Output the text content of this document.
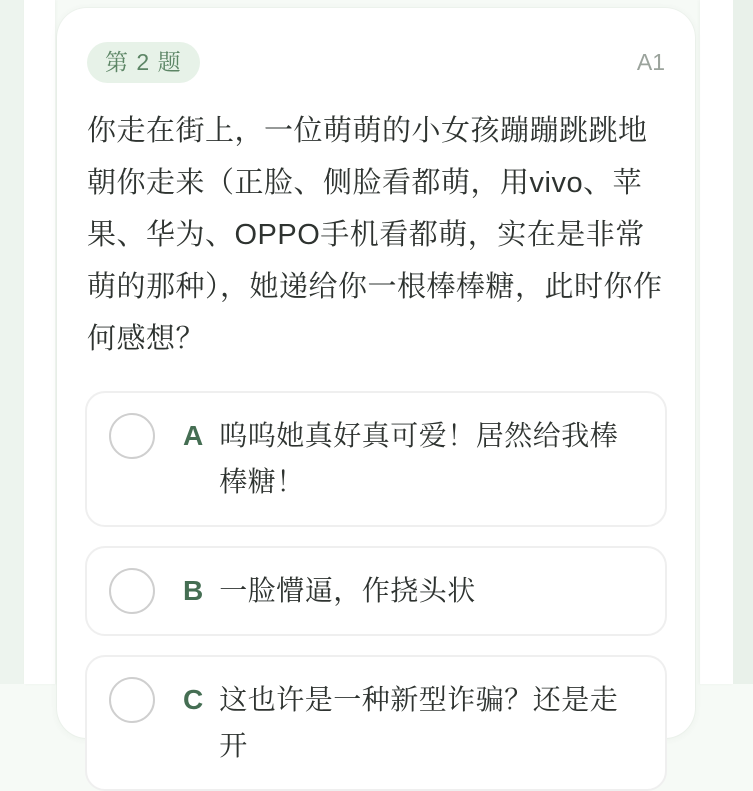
第 2 题	A1

你走在街上，一位萌萌的小女孩蹦蹦跳跳地朝你走来（正脸、侧脸看都萌，用vivo、苹果、华为、OPPO手机看都萌，实在是非常萌的那种），她递给你一根棒棒糖，此时你作何感想？

A 呜呜她真好真可爱！居然给我棒棒糖！
B 一脸懵逼，作挠头状
C 这也许是一种新型诈骗？还是走开
